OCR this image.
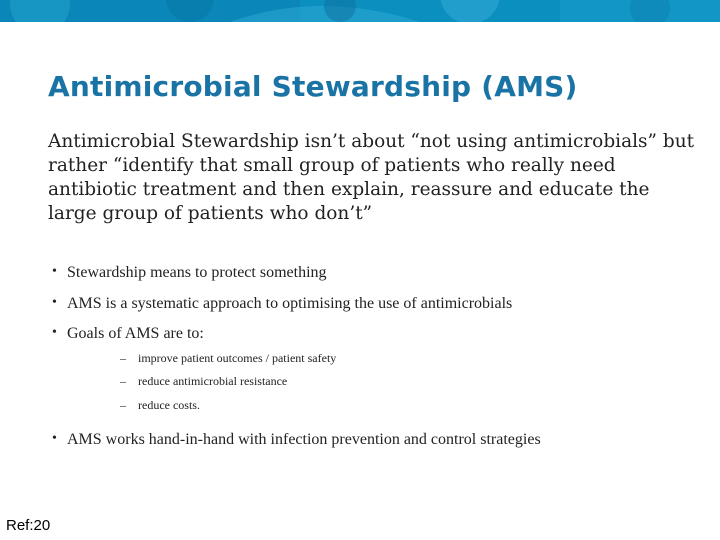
Antimicrobial Stewardship (AMS)

Antimicrobial Stewardship isn’t about “not using antimicrobials” but rather “identify that small group of patients who really need antibiotic treatment and then explain, reassure and educate the large group of patients who don’t”

• Stewardship means to protect something
• AMS is a systematic approach to optimising the use of antimicrobials
• Goals of AMS are to:
• AMS works hand-in-hand with infection prevention and control strategies
– improve patient outcomes / patient safety
– reduce antimicrobial resistance
– reduce costs.

Ref:20
